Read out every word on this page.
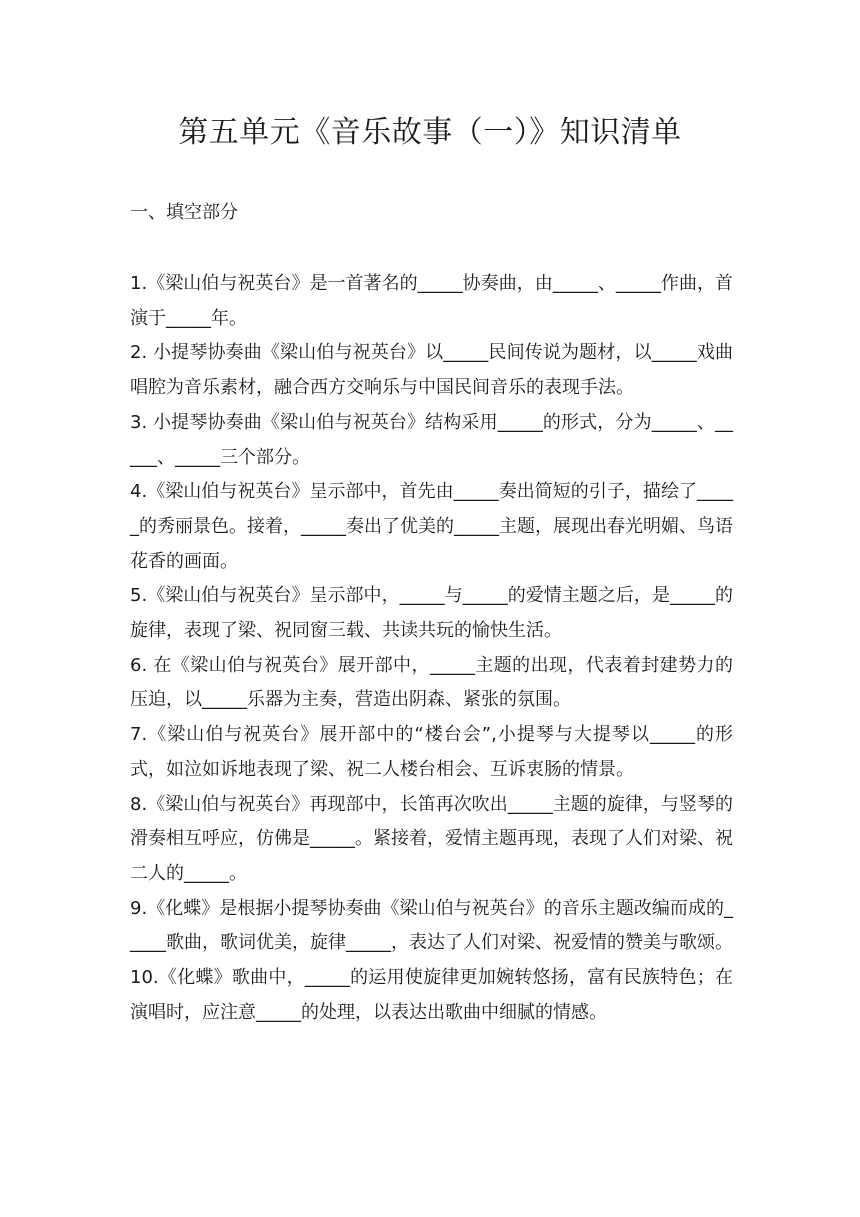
第五单元《音乐故事（一）》知识清单
一、填空部分
1.《梁山伯与祝英台》是一首著名的_____协奏曲，由_____、_____作曲，首演于_____年。
2. 小提琴协奏曲《梁山伯与祝英台》以_____民间传说为题材，以_____戏曲唱腔为音乐素材，融合西方交响乐与中国民间音乐的表现手法。
3. 小提琴协奏曲《梁山伯与祝英台》结构采用_____的形式，分为_____、_____、_____三个部分。
4.《梁山伯与祝英台》呈示部中，首先由_____奏出简短的引子，描绘了_____的秀丽景色。接着，_____奏出了优美的_____主题，展现出春光明媚、鸟语花香的画面。
5.《梁山伯与祝英台》呈示部中，_____与_____的爱情主题之后，是_____的旋律，表现了梁、祝同窗三载、共读共玩的愉快生活。
6. 在《梁山伯与祝英台》展开部中，_____主题的出现，代表着封建势力的压迫，以_____乐器为主奏，营造出阴森、紧张的氛围。
7.《梁山伯与祝英台》展开部中的“楼台会”,小提琴与大提琴以_____的形式，如泣如诉地表现了梁、祝二人楼台相会、互诉衷肠的情景。
8.《梁山伯与祝英台》再现部中，长笛再次吹出_____主题的旋律，与竖琴的滑奏相互呼应，仿佛是_____。紧接着，爱情主题再现，表现了人们对梁、祝二人的_____。
9.《化蝶》是根据小提琴协奏曲《梁山伯与祝英台》的音乐主题改编而成的_____歌曲，歌词优美，旋律_____，表达了人们对梁、祝爱情的赞美与歌颂。
10.《化蝶》歌曲中，_____的运用使旋律更加婉转悠扬，富有民族特色；在演唱时，应注意_____的处理，以表达出歌曲中细腻的情感。
